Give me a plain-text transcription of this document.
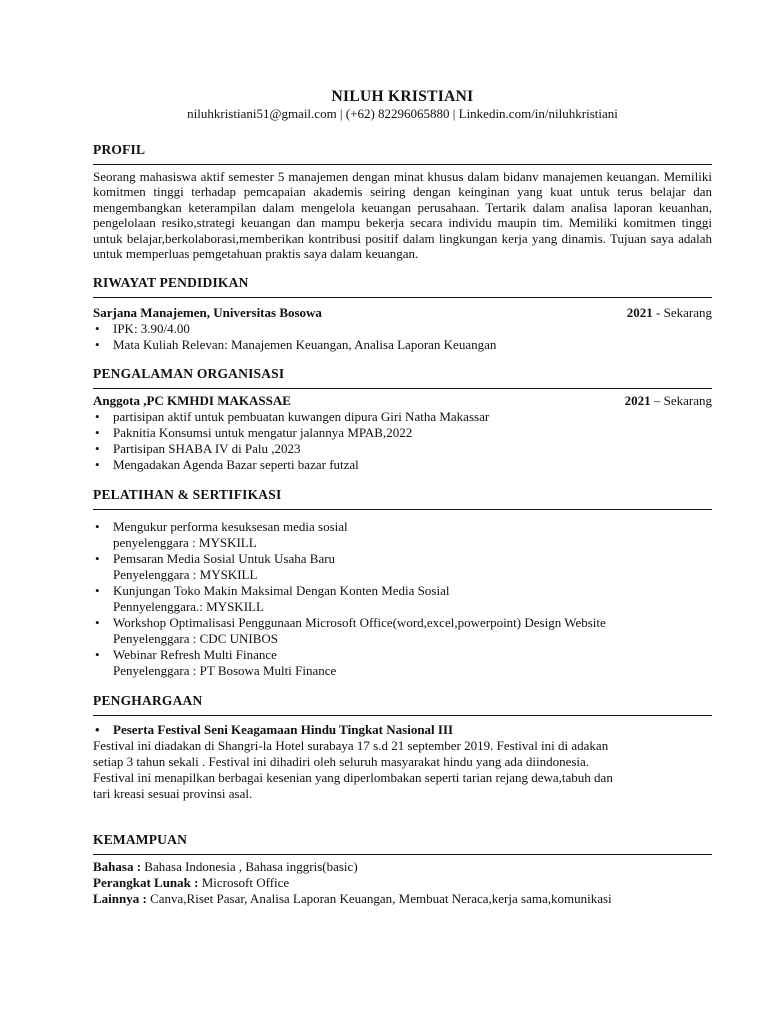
NILUH KRISTIANI
niluhkristiani51@gmail.com | (+62) 82296065880 | Linkedin.com/in/niluhkristiani
PROFIL
Seorang mahasiswa aktif semester 5 manajemen dengan minat khusus dalam bidanv manajemen keuangan. Memiliki komitmen tinggi terhadap pemcapaian akademis seiring dengan keinginan yang kuat untuk terus belajar dan mengembangkan keterampilan dalam mengelola keuangan perusahaan. Tertarik dalam analisa laporan keuanhan, pengelolaan resiko,strategi keuangan dan mampu bekerja secara individu maupin tim. Memiliki komitmen tinggi untuk belajar,berkolaborasi,memberikan kontribusi positif dalam lingkungan kerja yang dinamis. Tujuan saya adalah untuk memperluas pemgetahuan praktis saya dalam keuangan.
RIWAYAT PENDIDIKAN
Sarjana Manajemen, Universitas Bosowa	2021 - Sekarang
• IPK: 3.90/4.00
• Mata Kuliah Relevan: Manajemen Keuangan, Analisa Laporan Keuangan
PENGALAMAN ORGANISASI
Anggota ,PC KMHDI MAKASSAE	2021 – Sekarang
• partisipan aktif untuk pembuatan kuwangen dipura Giri Natha Makassar
• Paknitia Konsumsi untuk mengatur jalannya MPAB,2022
• Partisipan SHABA IV di Palu ,2023
• Mengadakan Agenda Bazar seperti bazar futzal
PELATIHAN & SERTIFIKASI
• Mengukur performa kesuksesan media sosial
penyelenggara : MYSKILL
• Pemsaran Media Sosial Untuk Usaha Baru
Penyelenggara : MYSKILL
• Kunjungan Toko Makin Maksimal Dengan Konten Media Sosial
Pennyelenggara.: MYSKILL
• Workshop Optimalisasi Penggunaan Microsoft Office(word,excel,powerpoint) Design Website
Penyelenggara : CDC UNIBOS
• Webinar Refresh Multi Finance
Penyelenggara : PT Bosowa Multi Finance
PENGHARGAAN
• Peserta Festival Seni Keagamaan Hindu Tingkat Nasional III
Festival ini diadakan di Shangri-la Hotel surabaya 17 s.d 21 september 2019. Festival ini di adakan
setiap 3 tahun sekali . Festival ini dihadiri oleh seluruh masyarakat hindu yang ada diindonesia.
Festival ini menapilkan berbagai kesenian yang diperlombakan seperti tarian rejang dewa,tabuh dan
tari kreasi sesuai provinsi asal.
KEMAMPUAN
Bahasa : Bahasa Indonesia , Bahasa inggris(basic)
Perangkat Lunak : Microsoft Office
Lainnya : Canva,Riset Pasar, Analisa Laporan Keuangan, Membuat Neraca,kerja sama,komunikasi
